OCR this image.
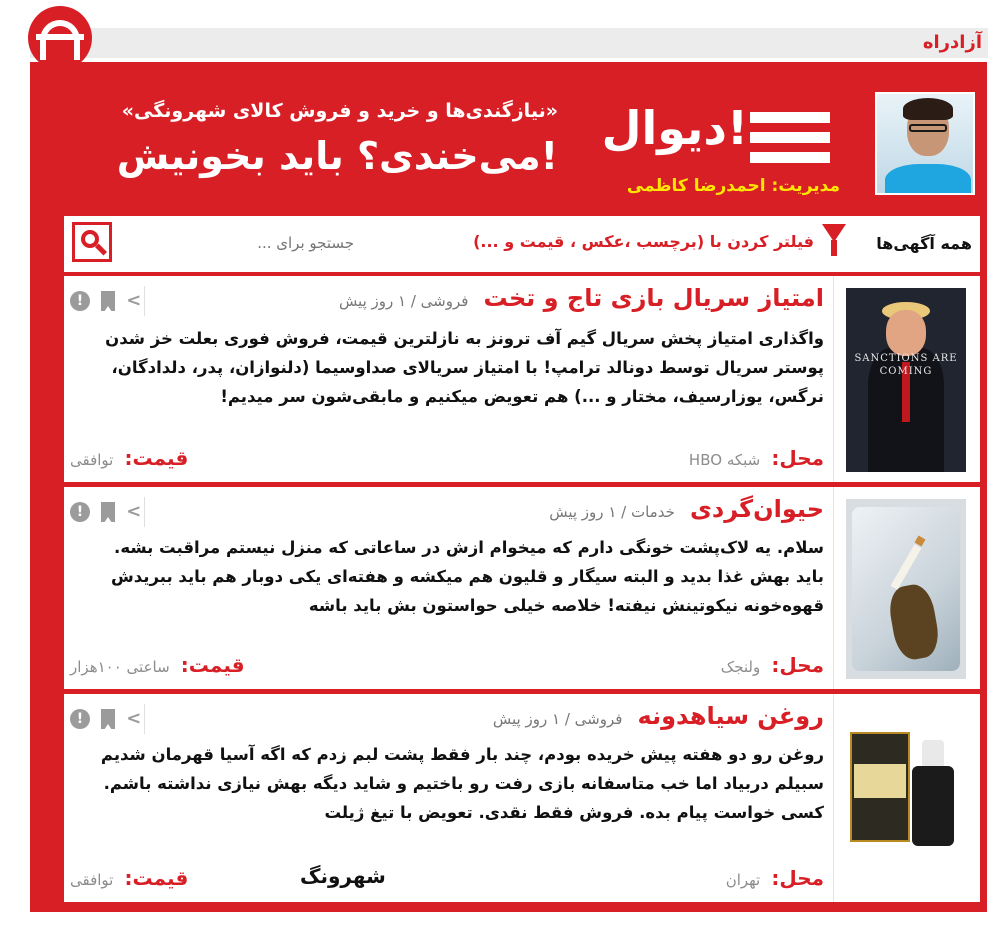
آزادراه
دیوال!
مدیریت: احمدرضا کاظمی
«نیازگندی‌ها و خرید و فروش کالای شهرونگی»
می‌خندی؟ باید بخونیش!
جستجو برای ...
فیلتر کردن با (برچسب ،عکس ، قیمت و ...)	همه آگهی‌ها
SANCTIONS ARE COMING
! <	امتیاز سریال بازی تاج و تخت فروشی / ۱ روز پیش
واگذاری امتیاز پخش سریال گیم آف ترونز به نازلترین قیمت، فروش فوری بعلت خز شدن پوستر سریال توسط دونالد ترامپ! با امتیاز سریالای صداوسیما (دلنوازان، پدر، دلدادگان، نرگس، یوزارسیف، مختار و ...) هم تعویض میکنیم و مابقی‌شون سر میدیم!
محل: شبکه HBO
قیمت: توافقی
! <	حیوان‌گردی خدمات / ۱ روز پیش
سلام. یه لاک‌پشت خونگی دارم که میخوام ازش در ساعاتی که منزل نیستم مراقبت بشه. باید بهش غذا بدید و البته سیگار و قلیون هم میکشه و هفته‌ای یکی دوبار هم باید ببریدش قهوه‌خونه نیکوتینش نیفته! خلاصه خیلی حواستون بش باید باشه
محل: ولنجک
قیمت: ساعتی ۱۰۰هزار
! <	روغن سیاهدونه فروشی / ۱ روز پیش
روغن رو دو هفته پیش خریده بودم، چند بار فقط پشت لبم زدم که اگه آسیا قهرمان شدیم سبیلم دربیاد اما خب متاسفانه بازی رفت رو باختیم و شاید دیگه بهش نیازی نداشته باشم. کسی خواست پیام بده. فروش فقط نقدی. تعویض با تیغ ژیلت
محل: تهران
شهرونگ
قیمت: توافقی
